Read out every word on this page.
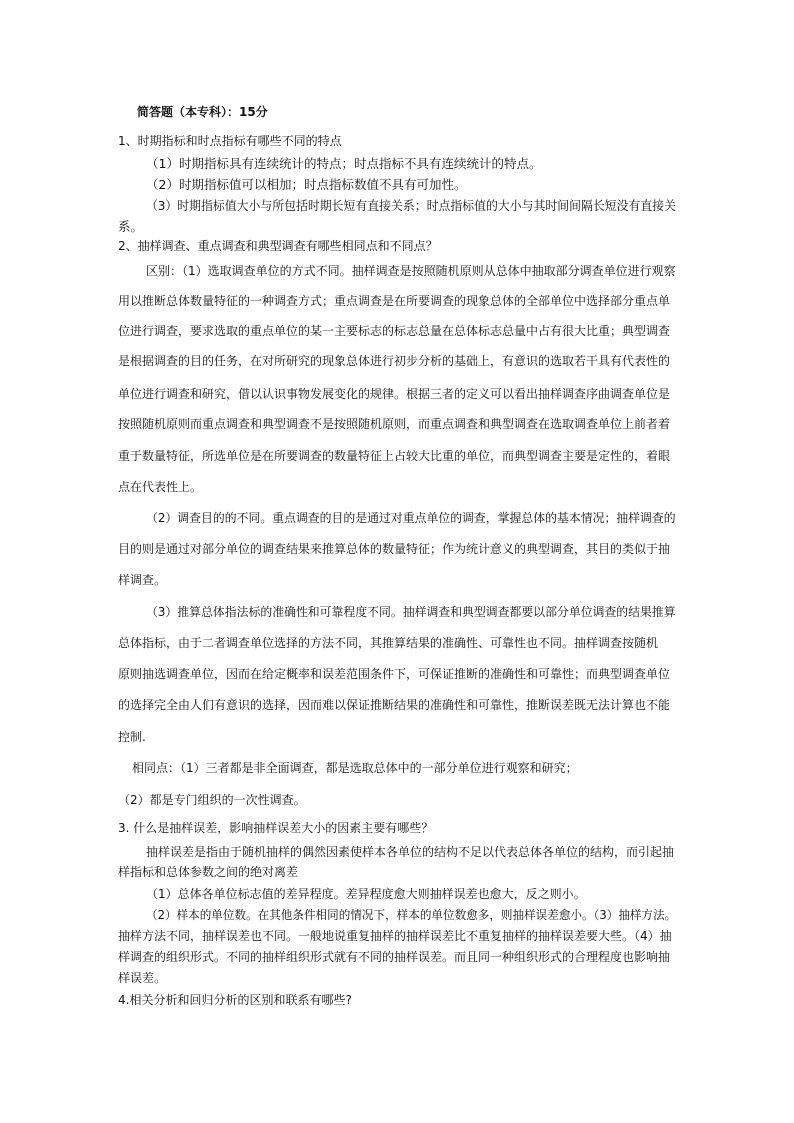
简答题（本专科）：15分
1、时期指标和时点指标有哪些不同的特点
（1）时期指标具有连续统计的特点；时点指标不具有连续统计的特点。
（2）时期指标值可以相加；时点指标数值不具有可加性。
（3）时期指标值大小与所包括时期长短有直接关系；时点指标值的大小与其时间间隔长短没有直接关
系。
2、抽样调查、重点调查和典型调查有哪些相同点和不同点？
区别：（1）选取调查单位的方式不同。抽样调查是按照随机原则从总体中抽取部分调查单位进行观察
用以推断总体数量特征的一种调查方式；重点调查是在所要调查的现象总体的全部单位中选择部分重点单
位进行调查，要求选取的重点单位的某一主要标志的标志总量在总体标志总量中占有很大比重；典型调查
是根据调查的目的任务，在对所研究的现象总体进行初步分析的基础上，有意识的选取若干具有代表性的
单位进行调查和研究，借以认识事物发展变化的规律。根据三者的定义可以看出抽样调查序曲调查单位是
按照随机原则而重点调查和典型调查不是按照随机原则，而重点调查和典型调查在选取调查单位上前者着
重于数量特征，所选单位是在所要调查的数量特征上占较大比重的单位，而典型调查主要是定性的，着眼
点在代表性上。
（2）调查目的的不同。重点调查的目的是通过对重点单位的调查，掌握总体的基本情况；抽样调查的
目的则是通过对部分单位的调查结果来推算总体的数量特征；作为统计意义的典型调查，其目的类似于抽
样调查。
（3）推算总体指法标的准确性和可靠程度不同。抽样调查和典型调查都要以部分单位调查的结果推算
总体指标，由于二者调查单位选择的方法不同，其推算结果的准确性、可靠性也不同。抽样调查按随机
原则抽选调查单位，因而在给定概率和误差范围条件下，可保证推断的准确性和可靠性；而典型调查单位
的选择完全由人们有意识的选择，因而难以保证推断结果的准确性和可靠性，推断误差既无法计算也不能
控制.
相同点：（1）三者都是非全面调查，都是选取总体中的一部分单位进行观察和研究；
（2）都是专门组织的一次性调查。
3. 什么是抽样误差，影响抽样误差大小的因素主要有哪些？
抽样误差是指由于随机抽样的偶然因素使样本各单位的结构不足以代表总体各单位的结构，而引起抽
样指标和总体参数之间的绝对离差
（1）总体各单位标志值的差异程度。差异程度愈大则抽样误差也愈大，反之则小。
（2）样本的单位数。在其他条件相同的情况下，样本的单位数愈多，则抽样误差愈小。（3）抽样方法。
抽样方法不同，抽样误差也不同。一般地说重复抽样的抽样误差比不重复抽样的抽样误差要大些。（4）抽
样调查的组织形式。不同的抽样组织形式就有不同的抽样误差。而且同一种组织形式的合理程度也影响抽
样误差。
4.相关分析和回归分析的区别和联系有哪些?
